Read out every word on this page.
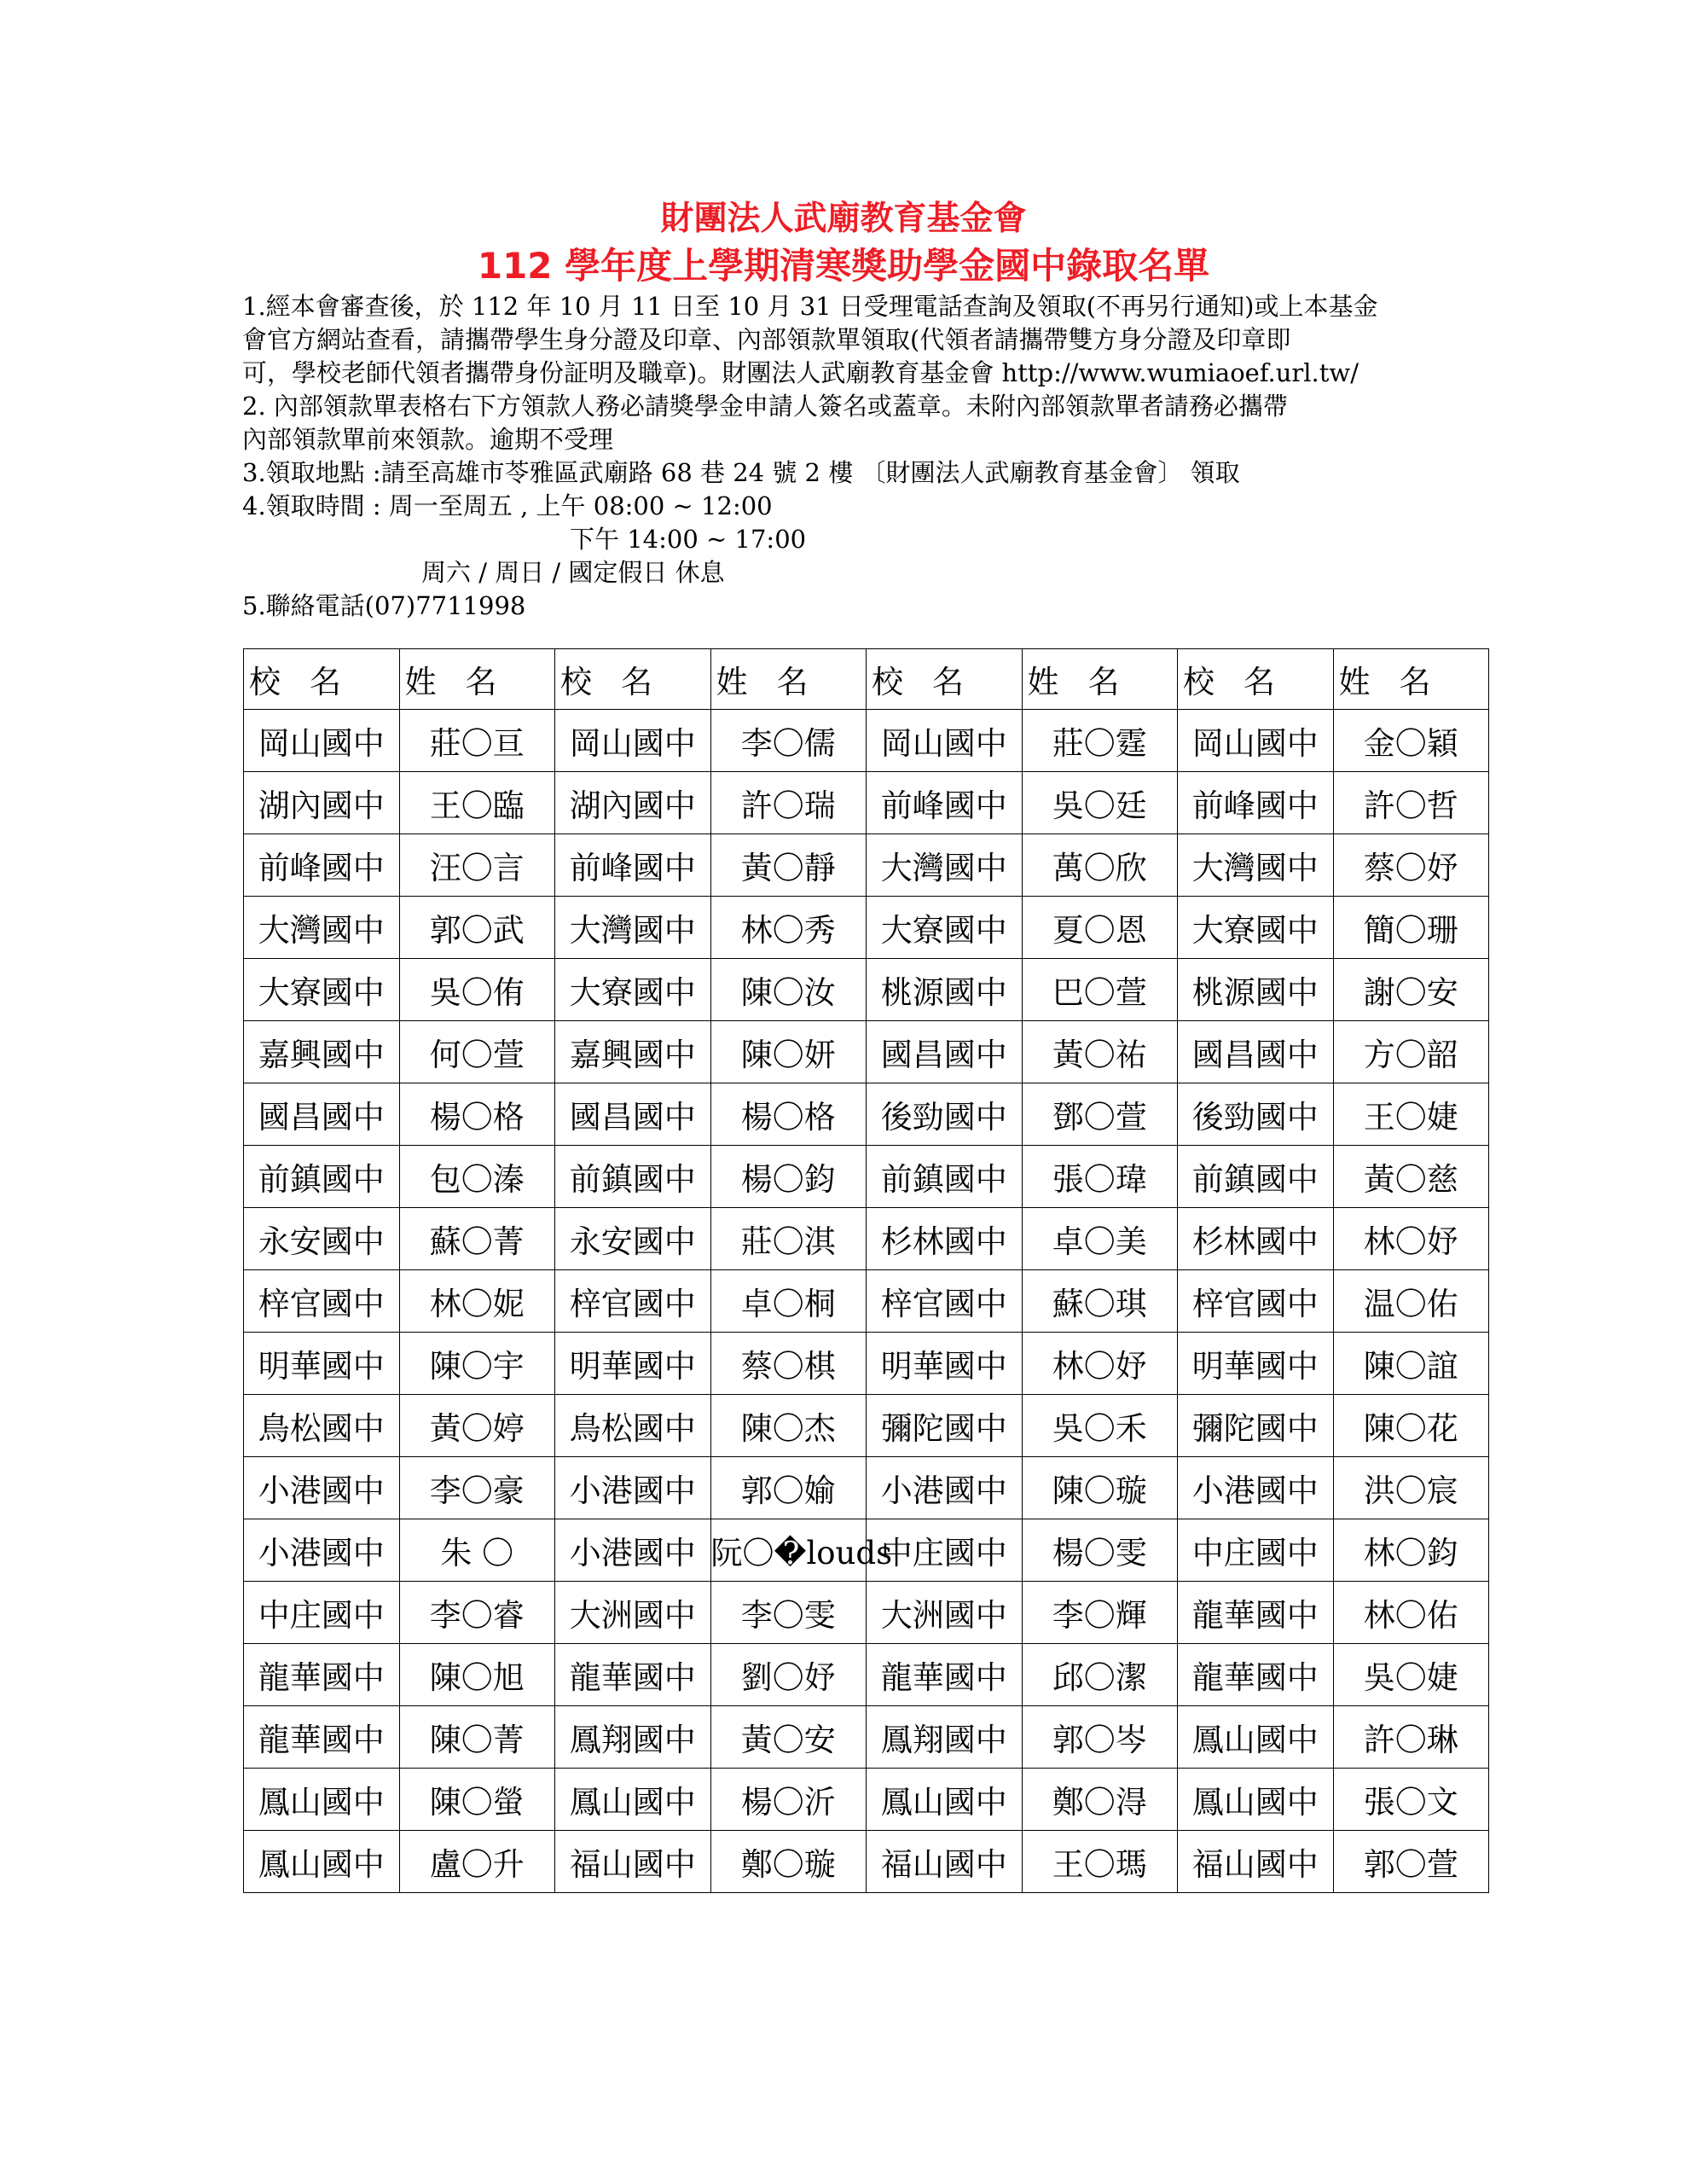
財團法人武廟教育基金會
112 學年度上學期清寒獎助學金國中錄取名單

1.經本會審查後，於 112 年 10 月 11 日至 10 月 31 日受理電話查詢及領取(不再另行通知)或上本基金

會官方網站查看，請攜帶學生身分證及印章、內部領款單領取(代領者請攜帶雙方身分證及印章即

可，學校老師代領者攜帶身份証明及職章)。財團法人武廟教育基金會 http://www.wumiaoef.url.tw/

2. 內部領款單表格右下方領款人務必請獎學金申請人簽名或蓋章。未附內部領款單者請務必攜帶

內部領款單前來領款。逾期不受理

3.領取地點 :請至高雄市苓雅區武廟路 68 巷 24 號 2 樓 〔財團法人武廟教育基金會〕 領取

4.領取時間 : 周一至周五 , 上午 08:00 ~ 12:00

下午 14:00 ~ 17:00

周六 / 周日 / 國定假日 休息

5.聯絡電話(07)7711998

校名	姓名	校名	姓名	校名	姓名	校名	姓名
岡山國中	莊〇亘	岡山國中	李〇儒	岡山國中	莊〇霆	岡山國中	金〇穎
湖內國中	王〇臨	湖內國中	許〇瑞	前峰國中	吳〇廷	前峰國中	許〇哲
前峰國中	汪〇言	前峰國中	黃〇靜	大灣國中	萬〇欣	大灣國中	蔡〇妤
大灣國中	郭〇武	大灣國中	林〇秀	大寮國中	夏〇恩	大寮國中	簡〇珊
大寮國中	吳〇侑	大寮國中	陳〇汝	桃源國中	巴〇萱	桃源國中	謝〇安
嘉興國中	何〇萱	嘉興國中	陳〇妍	國昌國中	黃〇祐	國昌國中	方〇韶
國昌國中	楊〇格	國昌國中	楊〇格	後勁國中	鄧〇萱	後勁國中	王〇婕
前鎮國中	包〇溱	前鎮國中	楊〇鈞	前鎮國中	張〇瑋	前鎮國中	黃〇慈
永安國中	蘇〇菁	永安國中	莊〇淇	杉林國中	卓〇美	杉林國中	林〇妤
梓官國中	林〇妮	梓官國中	卓〇桐	梓官國中	蘇〇琪	梓官國中	温〇佑
明華國中	陳〇宇	明華國中	蔡〇棋	明華國中	林〇妤	明華國中	陳〇誼
鳥松國中	黃〇婷	鳥松國中	陳〇杰	彌陀國中	吳〇禾	彌陀國中	陳〇花
小港國中	李〇豪	小港國中	郭〇媮	小港國中	陳〇璇	小港國中	洪〇宸
小港國中	朱 〇	小港國中	阮〇�louds	中庄國中	楊〇雯	中庄國中	林〇鈞
中庄國中	李〇睿	大洲國中	李〇雯	大洲國中	李〇輝	龍華國中	林〇佑
龍華國中	陳〇旭	龍華國中	劉〇妤	龍華國中	邱〇潔	龍華國中	吳〇婕
龍華國中	陳〇菁	鳳翔國中	黃〇安	鳳翔國中	郭〇岑	鳳山國中	許〇琳
鳳山國中	陳〇螢	鳳山國中	楊〇沂	鳳山國中	鄭〇淂	鳳山國中	張〇文
鳳山國中	盧〇升	福山國中	鄭〇璇	福山國中	王〇瑪	福山國中	郭〇萱
